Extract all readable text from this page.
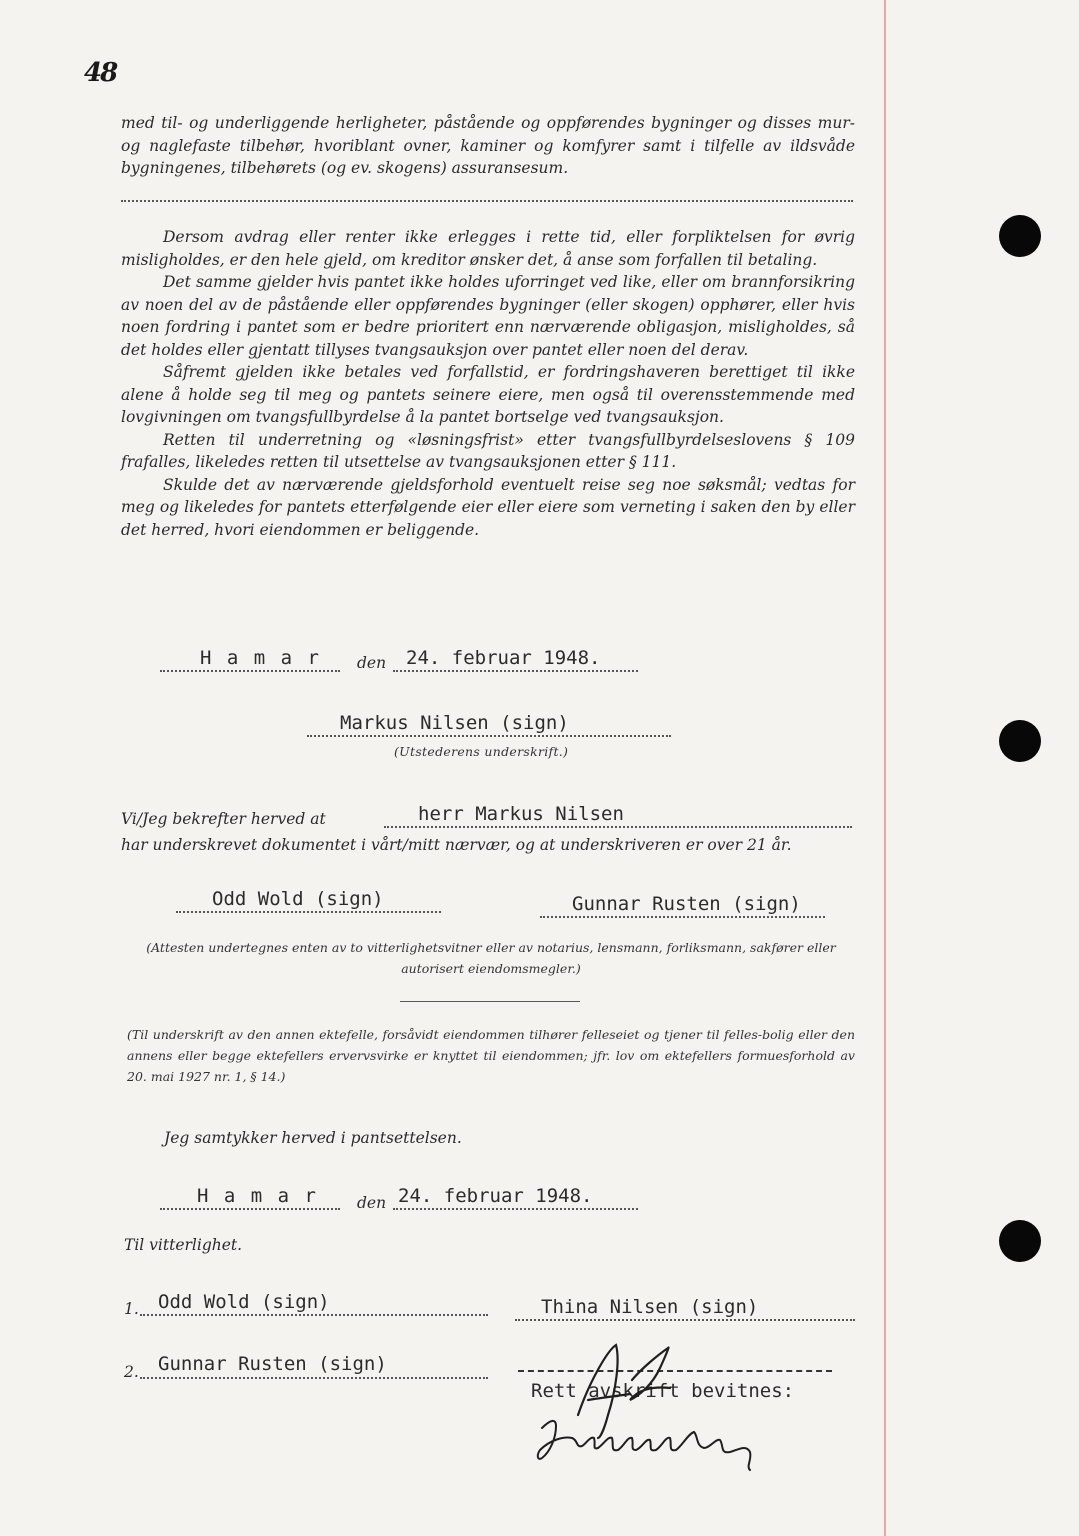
48

med til- og underliggende herligheter, påstående og oppførendes bygninger og disses mur- og naglefaste tilbehør, hvoriblant ovner, kaminer og komfyrer samt i tilfelle av ildsvåde bygningenes, tilbehørets (og ev. skogens) assuransesum.

Dersom avdrag eller renter ikke erlegges i rette tid, eller forpliktelsen for øvrig misligholdes, er den hele gjeld, om kreditor ønsker det, å anse som forfallen til betaling.

Det samme gjelder hvis pantet ikke holdes uforringet ved like, eller om brannforsikring av noen del av de påstående eller oppførendes bygninger (eller skogen) opphører, eller hvis noen fordring i pantet som er bedre prioritert enn nærværende obligasjon, misligholdes, så det holdes eller gjentatt tillyses tvangsauksjon over pantet eller noen del derav.

Såfremt gjelden ikke betales ved forfallstid, er fordringshaveren berettiget til ikke alene å holde seg til meg og pantets seinere eiere, men også til overensstemmende med lovgivningen om tvangsfullbyrdelse å la pantet bortselge ved tvangsauksjon.

Retten til underretning og «løsningsfrist» etter tvangsfullbyrdelseslovens § 109 frafalles, likeledes retten til utsettelse av tvangsauksjonen etter § 111.

Skulde det av nærværende gjeldsforhold eventuelt reise seg noe søksmål; vedtas for meg og likeledes for pantets etterfølgende eier eller eiere som verneting i saken den by eller det herred, hvori eiendommen er beliggende.

H a m a r den 24. februar 1948.
Markus Nilsen (sign)
(Utstederens underskrift.)
Vi/Jeg bekrefter herved at	herr Markus Nilsen
har underskrevet dokumentet i vårt/mitt nærvær, og at underskriveren er over 21 år.
Odd Wold (sign)	Gunnar Rusten (sign)
(Attesten undertegnes enten av to vitterlighetsvitner eller av notarius, lensmann, forliksmann, sakfører eller autorisert eiendomsmegler.)
(Til underskrift av den annen ektefelle, forsåvidt eiendommen tilhører felleseiet og tjener til felles-bolig eller den annens eller begge ektefellers ervervsvirke er knyttet til eiendommen; jfr. lov om ektefellers formuesforhold av 20. mai 1927 nr. 1, § 14.)
Jeg samtykker herved i pantsettelsen.
H a m a r	den 24. februar 1948.
Til vitterlighet.
1. Odd Wold (sign)	Thina Nilsen (sign)
2. Gunnar Rusten (sign)
Rett avskrift bevitnes:
